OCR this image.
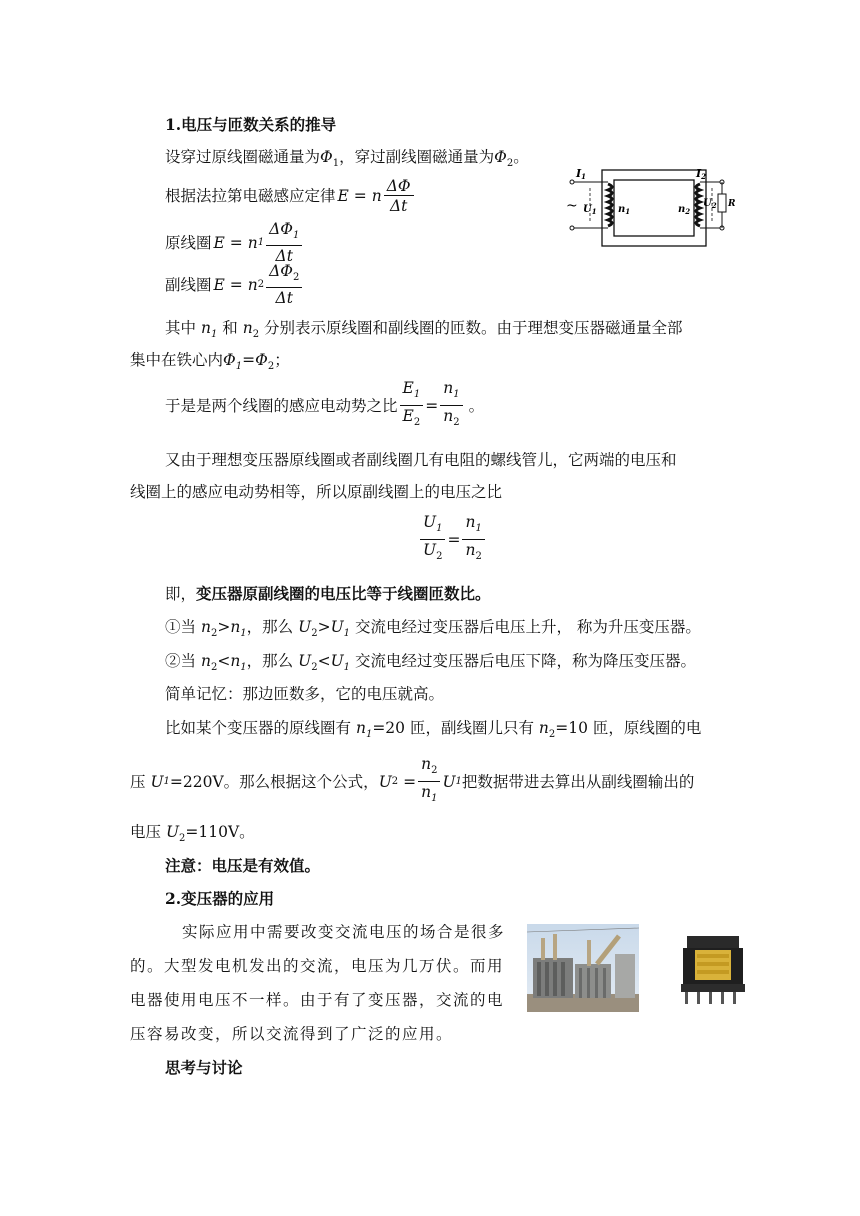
1.电压与匝数关系的推导
设穿过原线圈磁通量为$\Phi_1$，穿过副线圈磁通量为$\Phi_2$。
根据法拉第电磁感应定律 E
=
n $\frac{\Delta\Phi}{\Delta t}$
原线圈 E
=
n $1 \frac{\Delta\Phi_1}{\Delta t}$
副线圈 E
=
n $2 \frac{\Delta\Phi_2}{\Delta t}$
I1	I2
~ $U_1$ $n_1$	$n_2$
$U_2$ R
其中 $n_1$ 和 $n_2$ 分别表示原线圈和副线圈的匝数。由于理想变压器磁通量全部
集中在铁心内$\Phi_1=\Phi_2$；
于是是两个线圈的感应电动势之比 $\frac{E_1}{E_2} = \frac{n_1}{n_2}$ 。
又由于理想变压器原线圈或者副线圈几有电阻的螺线管儿，它两端的电压和
线圈上的感应电动势相等，所以原副线圈上的电压之比
$\frac{U_1}{U_2} = \frac{n_1}{n_2}$
即，变压器原副线圈的电压比等于线圈匝数比。
①当 $n_2>n_1$，那么 $U_2>U_1$ 交流电经过变压器后电压上升， 称为升压变压器。
②当 $n_2<n_1$，那么 $U_2<U_1$ 交流电经过变压器后电压下降，称为降压变压器。
简单记忆：那边匝数多，它的电压就高。
比如某个变压器的原线圈有 $n_1=20$ 匝，副线圈儿只有 $n_2=10$ 匝，原线圈的电
压
U 1 =220V。那么根据这个公式， U 2
= $\frac{n_2}{n_1}$ U 1 把数据带进去算出从副线圈输出的
电压 $U_2=110V$。
注意：电压是有效值。
2.变压器的应用
实际应用中需要改变交流电压的场合是很多
的。大型发电机发出的交流，电压为几万伏。而用
电器使用电压不一样。由于有了变压器，交流的电
压容易改变，所以交流得到了广泛的应用。
思考与讨论
